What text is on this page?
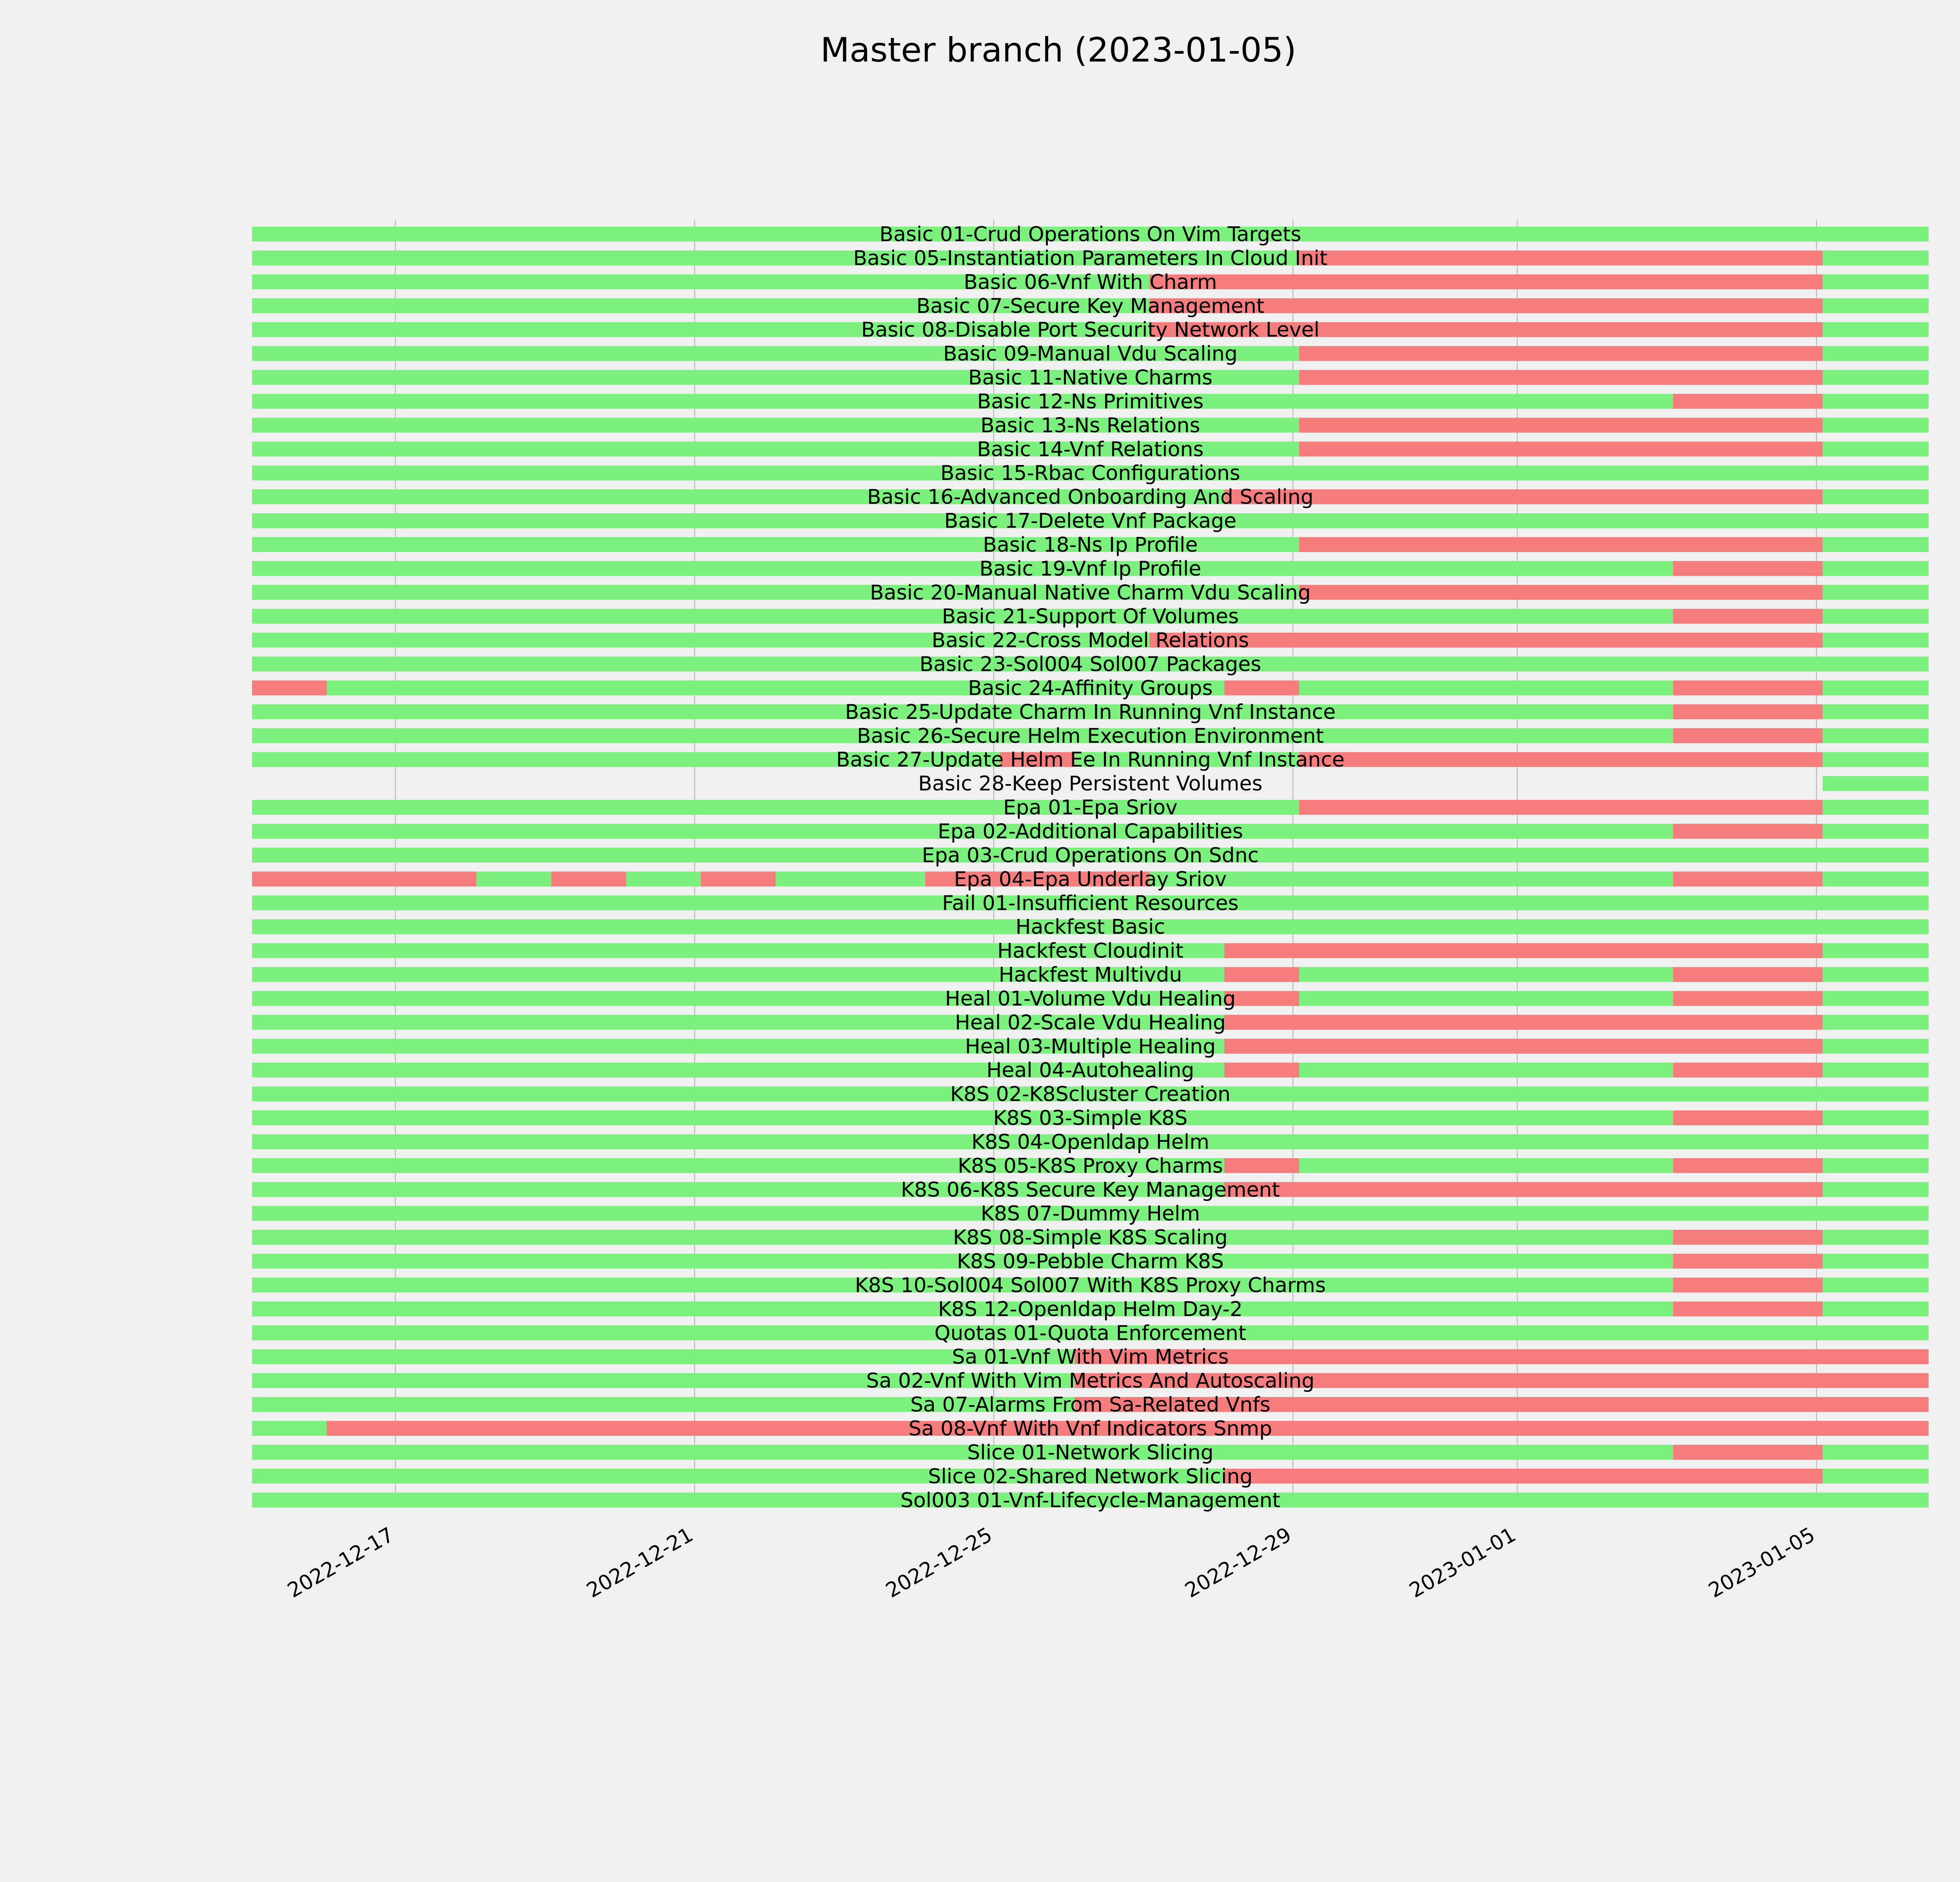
Master branch (2023-01-05)
Basic 01-Crud Operations On Vim Targets
Basic 05-Instantiation Parameters In Cloud Init
Basic 06-Vnf With Charm
Basic 07-Secure Key Management
Basic 08-Disable Port Security Network Level
Basic 09-Manual Vdu Scaling
Basic 11-Native Charms
Basic 12-Ns Primitives
Basic 13-Ns Relations
Basic 14-Vnf Relations
Basic 15-Rbac Configurations
Basic 16-Advanced Onboarding And Scaling
Basic 17-Delete Vnf Package
Basic 18-Ns Ip Profile
Basic 19-Vnf Ip Profile
Basic 20-Manual Native Charm Vdu Scaling
Basic 21-Support Of Volumes
Basic 22-Cross Model Relations
Basic 23-Sol004 Sol007 Packages
Basic 24-Affinity Groups
Basic 25-Update Charm In Running Vnf Instance
Basic 26-Secure Helm Execution Environment
Basic 27-Update Helm Ee In Running Vnf Instance
Basic 28-Keep Persistent Volumes
Epa 01-Epa Sriov
Epa 02-Additional Capabilities
Epa 03-Crud Operations On Sdnc
Epa 04-Epa Underlay Sriov
Fail 01-Insufficient Resources
Hackfest Basic
Hackfest Cloudinit
Hackfest Multivdu
Heal 01-Volume Vdu Healing
Heal 02-Scale Vdu Healing
Heal 03-Multiple Healing
Heal 04-Autohealing
K8S 02-K8Scluster Creation
K8S 03-Simple K8S
K8S 04-Openldap Helm
K8S 05-K8S Proxy Charms
K8S 06-K8S Secure Key Management
K8S 07-Dummy Helm
K8S 08-Simple K8S Scaling
K8S 09-Pebble Charm K8S
K8S 10-Sol004 Sol007 With K8S Proxy Charms
K8S 12-Openldap Helm Day-2
Quotas 01-Quota Enforcement
Sa 01-Vnf With Vim Metrics
Sa 02-Vnf With Vim Metrics And Autoscaling
Sa 07-Alarms From Sa-Related Vnfs
Sa 08-Vnf With Vnf Indicators Snmp
Slice 01-Network Slicing
Slice 02-Shared Network Slicing
Sol003 01-Vnf-Lifecycle-Management
2022-12-17	2022-12-21	2022-12-25	2022-12-29	2023-01-01	2023-01-05
